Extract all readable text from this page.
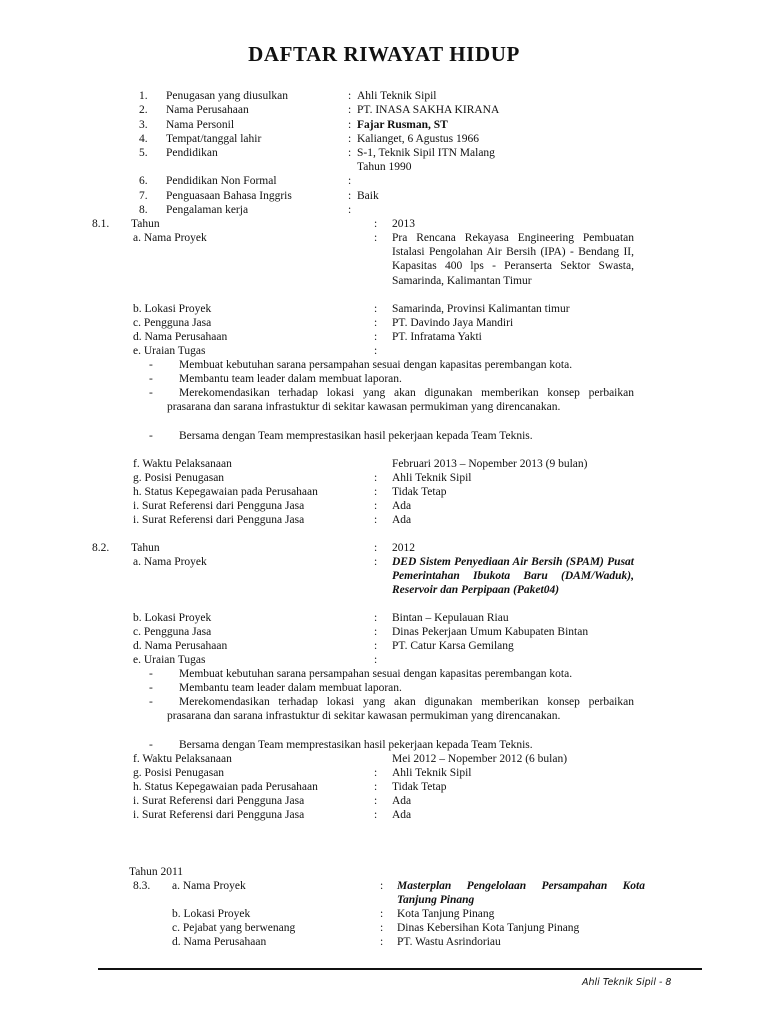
DAFTAR RIWAYAT HIDUP
1. Penugasan yang diusulkan	: Ahli Teknik Sipil
2. Nama Perusahaan	: PT. INASA SAKHA KIRANA
3. Nama Personil	: Fajar Rusman, ST
4. Tempat/tanggal lahir	: Kalianget, 6 Agustus 1966
5. Pendidikan	: S-1, Teknik Sipil ITN Malang
Tahun 1990
6. Pendidikan Non Formal	:
7. Penguasaan Bahasa Inggris	: Baik
8. Pengalaman kerja	:
8.1. Tahun	: 2013
a. Nama Proyek	: Pra Rencana Rekayasa Engineering Pembuatan Istalasi Pengolahan Air Bersih (IPA) - Bendang II, Kapasitas 400 lps - Peranserta Sektor Swasta, Samarinda, Kalimantan Timur
b. Lokasi Proyek	: Samarinda, Provinsi Kalimantan timur
c. Pengguna Jasa	: PT. Davindo Jaya Mandiri
d. Nama Perusahaan	: PT. Infratama Yakti
e. Uraian Tugas	:
- Membuat kebutuhan sarana persampahan sesuai dengan kapasitas perembangan kota.
- Membantu team leader dalam membuat laporan.
-	Merekomendasikan terhadap lokasi yang akan digunakan memberikan konsep perbaikan prasarana dan sarana infrastuktur di sekitar kawasan permukiman yang direncanakan.
- Bersama dengan Team memprestasikan hasil pekerjaan kepada Team Teknis.
f. Waktu Pelaksanaan	Februari 2013 – Nopember 2013 (9 bulan)
g. Posisi Penugasan	: Ahli Teknik Sipil
h. Status Kepegawaian pada Perusahaan	: Tidak Tetap
i. Surat Referensi dari Pengguna Jasa	: Ada
i. Surat Referensi dari Pengguna Jasa	: Ada
8.2. Tahun	: 2012
a. Nama Proyek	: DED Sistem Penyediaan Air Bersih (SPAM) Pusat Pemerintahan Ibukota Baru (DAM/Waduk), Reservoir dan Perpipaan (Paket04)
b. Lokasi Proyek	: Bintan – Kepulauan Riau
c. Pengguna Jasa	: Dinas Pekerjaan Umum Kabupaten Bintan
d. Nama Perusahaan	: PT. Catur Karsa Gemilang
e. Uraian Tugas	:
- Membuat kebutuhan sarana persampahan sesuai dengan kapasitas perembangan kota.
- Membantu team leader dalam membuat laporan.
-	Merekomendasikan terhadap lokasi yang akan digunakan memberikan konsep perbaikan prasarana dan sarana infrastuktur di sekitar kawasan permukiman yang direncanakan.
- Bersama dengan Team memprestasikan hasil pekerjaan kepada Team Teknis.
f. Waktu Pelaksanaan	Mei 2012 – Nopember 2012 (6 bulan)
g. Posisi Penugasan	: Ahli Teknik Sipil
h. Status Kepegawaian pada Perusahaan	: Tidak Tetap
i. Surat Referensi dari Pengguna Jasa	: Ada
i. Surat Referensi dari Pengguna Jasa	: Ada
Tahun 2011
8.3. a. Nama Proyek	: Masterplan Pengelolaan Persampahan Kota Tanjung Pinang
b. Lokasi Proyek	: Kota Tanjung Pinang
c. Pejabat yang berwenang	: Dinas Kebersihan Kota Tanjung Pinang
d. Nama Perusahaan	: PT. Wastu Asrindoriau
Ahli Teknik Sipil - 8
